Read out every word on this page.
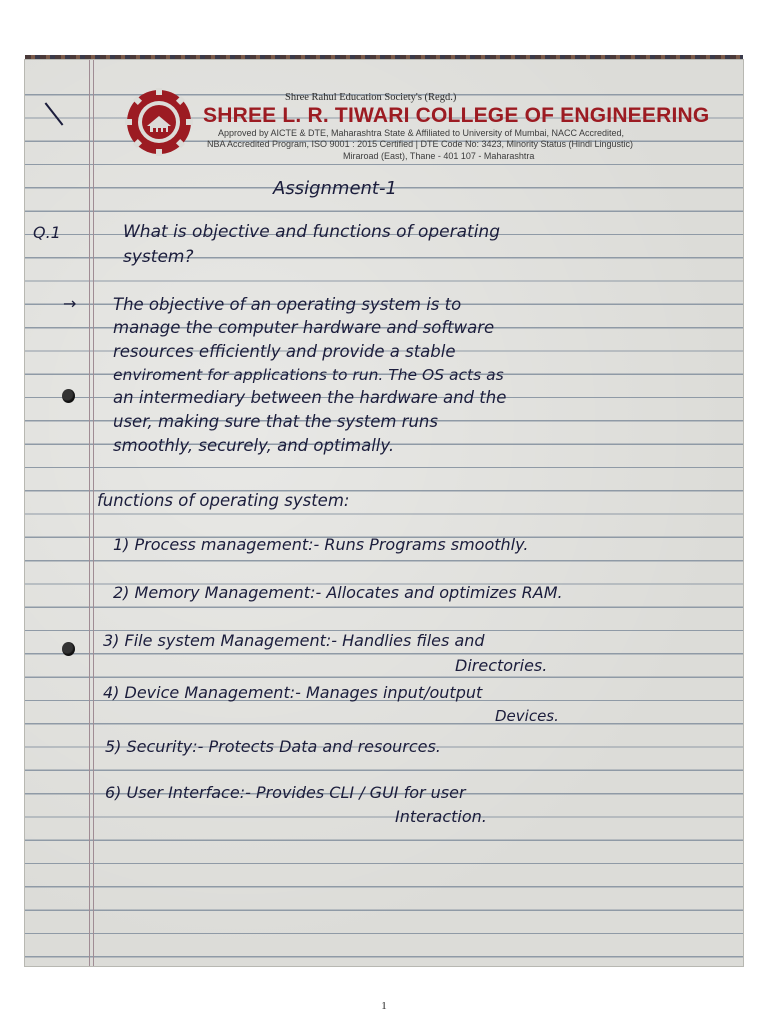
Shree Rahul Education Society's (Regd.)
SHREE L. R. TIWARI COLLEGE OF ENGINEERING
Approved by AICTE & DTE, Maharashtra State & Affiliated to University of Mumbai, NACC Accredited,
NBA Accredited Program, ISO 9001 : 2015 Certified | DTE Code No: 3423, Minority Status (Hindi Lingustic)
Miraroad (East), Thane - 401 107 - Maharashtra
Assignment-1
Q.1	What is objective and functions of operating
system?
→ The objective of an operating system is to
manage the computer hardware and software
resources efficiently and provide a stable
enviroment for applications to run. The OS acts as
an intermediary between the hardware and the
user, making sure that the system runs
smoothly, securely, and optimally.
functions of operating system:
1) Process management:- Runs Programs smoothly.
2) Memory Management:- Allocates and optimizes RAM.
3) File system Management:- Handlies files and
Directories.
4) Device Management:- Manages input/output
Devices.
5) Security:- Protects Data and resources.
6) User Interface:- Provides CLI / GUI for user
Interaction.
1
